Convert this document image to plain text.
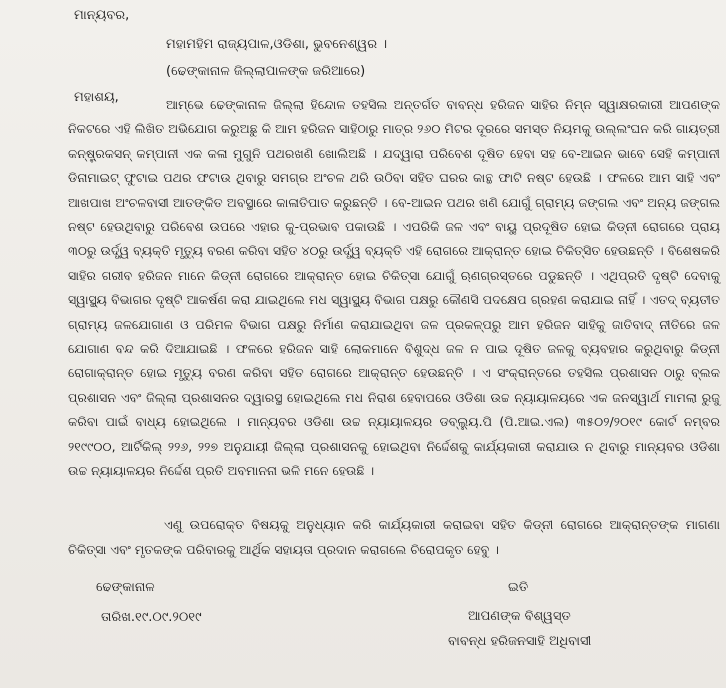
ମାନ୍ୟବର,
ମହାମହିମ ରାଜ୍ୟପାଳ,ଓଡିଶା, ଭୁବନେଶ୍ୱର ।
(ଢେଙ୍କାନାଳ ଜିଲ୍ଲାପାଳଙ୍କ ଜରିଆରେ)
ମହାଶୟ,	ଆମ୍ଭେ ଢେଙ୍କାନାଳ ଜିଲ୍ଲା ହିନ୍ଦୋଳ ତହସିଲ ଅନ୍ତର୍ଗତ ବାବନ୍ଧ ହରିଜନ ସାହିର ନିମ୍ନ ସ୍ୱାକ୍ଷରକାରୀ ଆପଣଙ୍କ ନିକଟରେ ଏହି ଲିଖିତ ଅଭିଯୋଗ କରୁଅଛୁ କି ଆମ ହରିଜନ ସାହିଠାରୁ ମାତ୍ର ୨୬୦ ମିଟର ଦୂରରେ ସମସ୍ତ ନିୟମକୁ ଉଲ୍ଲଂଘନ କରି ଗାୟତ୍ରୀ କନ୍‌ଷ୍ଟ୍ରକସନ୍ କମ୍ପାନୀ ଏକ କଳା ମୁଗୁନି ପଥରଖଣି ଖୋଲିଅଛି । ଯଦ୍ୱାରା ପରିବେଶ ଦୂଷିତ ହେବା ସହ ବେ-ଆଇନ ଭାବେ ସେହି କମ୍ପାନୀ ଡିନାମାଇଟ୍ ଫୁଟାଇ ପଥର ଫଟାଉ ଥିବାରୁ ସମଗ୍ର ଅଂଚଳ ଥରି ଉଠିବା ସହିତ ଘରର କାନ୍ଥ ଫାଟି ନଷ୍ଟ ହେଉଛି । ଫଳରେ ଆମ ସାହି ଏବଂ ଆଖପାଖ ଅଂଚଳବାସୀ ଆତଙ୍କିତ ଅବସ୍ଥାରେ କାଳାତିପାତ କରୁଛନ୍ତି । ବେ-ଆଇନ ପଥର ଖଣି ଯୋଗୁଁ ଗ୍ରାମ୍ୟ ଜଙ୍ଗଲ ଏବଂ ଅନ୍ୟ ଜଙ୍ଗଲ ନଷ୍ଟ ହେଉଥିବାରୁ ପରିବେଶ ଉପରେ ଏହାର କୁ-ପ୍ରଭାବ ପକାଉଛି । ଏପରିକି ଜଳ ଏବଂ ବାୟୁ ପ୍ରଦୂଷିତ ହୋଇ କିଡ୍‌ନୀ ରୋଗରେ ପ୍ରାୟ ୩୦ରୁ ଉର୍ଦ୍ଧ୍ୱ ବ୍ୟକ୍ତି ମୃତ୍ୟୁ ବରଣ କରିବା ସହିତ ୪୦ରୁ ଉର୍ଦ୍ଧ୍ୱ ବ୍ୟକ୍ତି ଏହି ରୋଗରେ ଆକ୍ରାନ୍ତ ହୋଇ ଚିକିତ୍ସିତ ହେଉଛନ୍ତି । ବିଶେଷକରି ସାହିର ଗରୀବ ହରିଜନ ମାନେ କିଡ୍‌ନୀ ରୋଗରେ ଆକ୍ରାନ୍ତ ହୋଇ ଚିକିତ୍ସା ଯୋଗୁଁ ଋଣଗ୍ରସ୍ତରେ ପଡୁଛନ୍ତି । ଏଥିପ୍ରତି ଦୃଷ୍ଟି ଦେବାକୁ ସ୍ୱାସ୍ଥ୍ୟ ବିଭାଗର ଦୃଷ୍ଟି ଆକର୍ଷଣ କରା ଯାଇଥିଲେ ମଧ ସ୍ୱାସ୍ଥ୍ୟ ବିଭାଗ ପକ୍ଷରୁ କୌଣସି ପଦକ୍ଷେପ ଗ୍ରହଣ କରାଯାଇ ନାହିଁ । ଏତଦ୍ ବ୍ୟତୀତ ଗ୍ରାମ୍ୟ ଜଳଯୋଗାଣ ଓ ପରିମଳ ବିଭାଗ ପକ୍ଷରୁ ନିର୍ମାଣ କରାଯାଇଥିବା ଜଳ ପ୍ରକଳ୍ପରୁ ଆମ ହରିଜନ ସାହିକୁ ଜାତିବାଦ୍ ନୀତିରେ ଜଳ ଯୋଗାଣ ବନ୍ଦ କରି ଦିଆଯାଇଛି । ଫଳରେ ହରିଜନ ସାହି ଲୋକମାନେ ବିଶୁଦ୍ଧ ଜଳ ନ ପାଇ ଦୂଷିତ ଜଳକୁ ବ୍ୟବହାର କରୁଥିବାରୁ କିଡ୍‌ନୀ ରୋଗାକ୍ରାନ୍ତ ହୋଇ ମୃତ୍ୟୁ ବରଣ କରିବା ସହିତ ରୋଗରେ ଆକ୍ରାନ୍ତ ହେଉଛନ୍ତି । ଏ ସଂକ୍ରାନ୍ତରେ ତହସିଲ ପ୍ରଶାସନ ଠାରୁ ବ୍ଲକ ପ୍ରଶାସନ ଏବଂ ଜିଲ୍ଲା ପ୍ରଶାସନର ଦ୍ୱାରସ୍ଥ ହୋଇଥିଲେ ମଧ ନିରାଶ ହେବାପରେ ଓଡିଶା ଉଚ୍ଚ ନ୍ୟାୟାଳୟରେ ଏକ ଜନସ୍ୱାର୍ଥ ମାମଲା ରୁଜୁ କରିବା ପାଇଁ ବାଧ୍ୟ ହୋଇଥିଲେ । ମାନ୍ୟବର ଓଡିଶା ଉଚ୍ଚ ନ୍ୟାୟାଳୟର ଡବ୍ଲ୍ୟୁ.ପି (ପି.ଆଇ.ଏଲ) ୩୫୦୨/୨୦୧୯ କୋର୍ଟ ନମ୍ବର ୨୧୯୯୦୦, ଆର୍ଟିକିଲ୍ ୨୨୬, ୨୨୭ ଅନୁଯାୟୀ ଜିଲ୍ଲା ପ୍ରଶାସନକୁ ହୋଇଥିବା ନିର୍ଦ୍ଦେଶକୁ କାର୍ଯ୍ୟକାରୀ କରାଯାଉ ନ ଥିବାରୁ ମାନ୍ୟବର ଓଡିଶା ଉଚ୍ଚ ନ୍ୟାୟାଳୟର ନିର୍ଦ୍ଦେଶ ପ୍ରତି ଅବମାନନା ଭଳି ମନେ ହେଉଛି ।
ଏଣୁ ଉପରୋକ୍ତ ବିଷୟକୁ ଅନୁଧ୍ୟାନ କରି କାର୍ଯ୍ୟକାରୀ କରାଇବା ସହିତ କିଡ୍‌ନୀ ରୋଗରେ ଆକ୍ରାନ୍ତଙ୍କ ମାଗଣା ଚିକିତ୍ସା ଏବଂ ମୃତକଙ୍କ ପରିବାରକୁ ଆର୍ଥିକ ସହାୟତା ପ୍ରଦାନ କରାଗଲେ ଚିରୋପକୃତ ହେବୁ ।
ଢେଙ୍କାନାଳ	ଇତି
ତାରିଖ.୧୯.୦୯.୨୦୧୯	ଆପଣଙ୍କ ବିଶ୍ୱସ୍ତ
ବାବନ୍ଧ ହରିଜନସାହି ଅଧିବାସୀ
